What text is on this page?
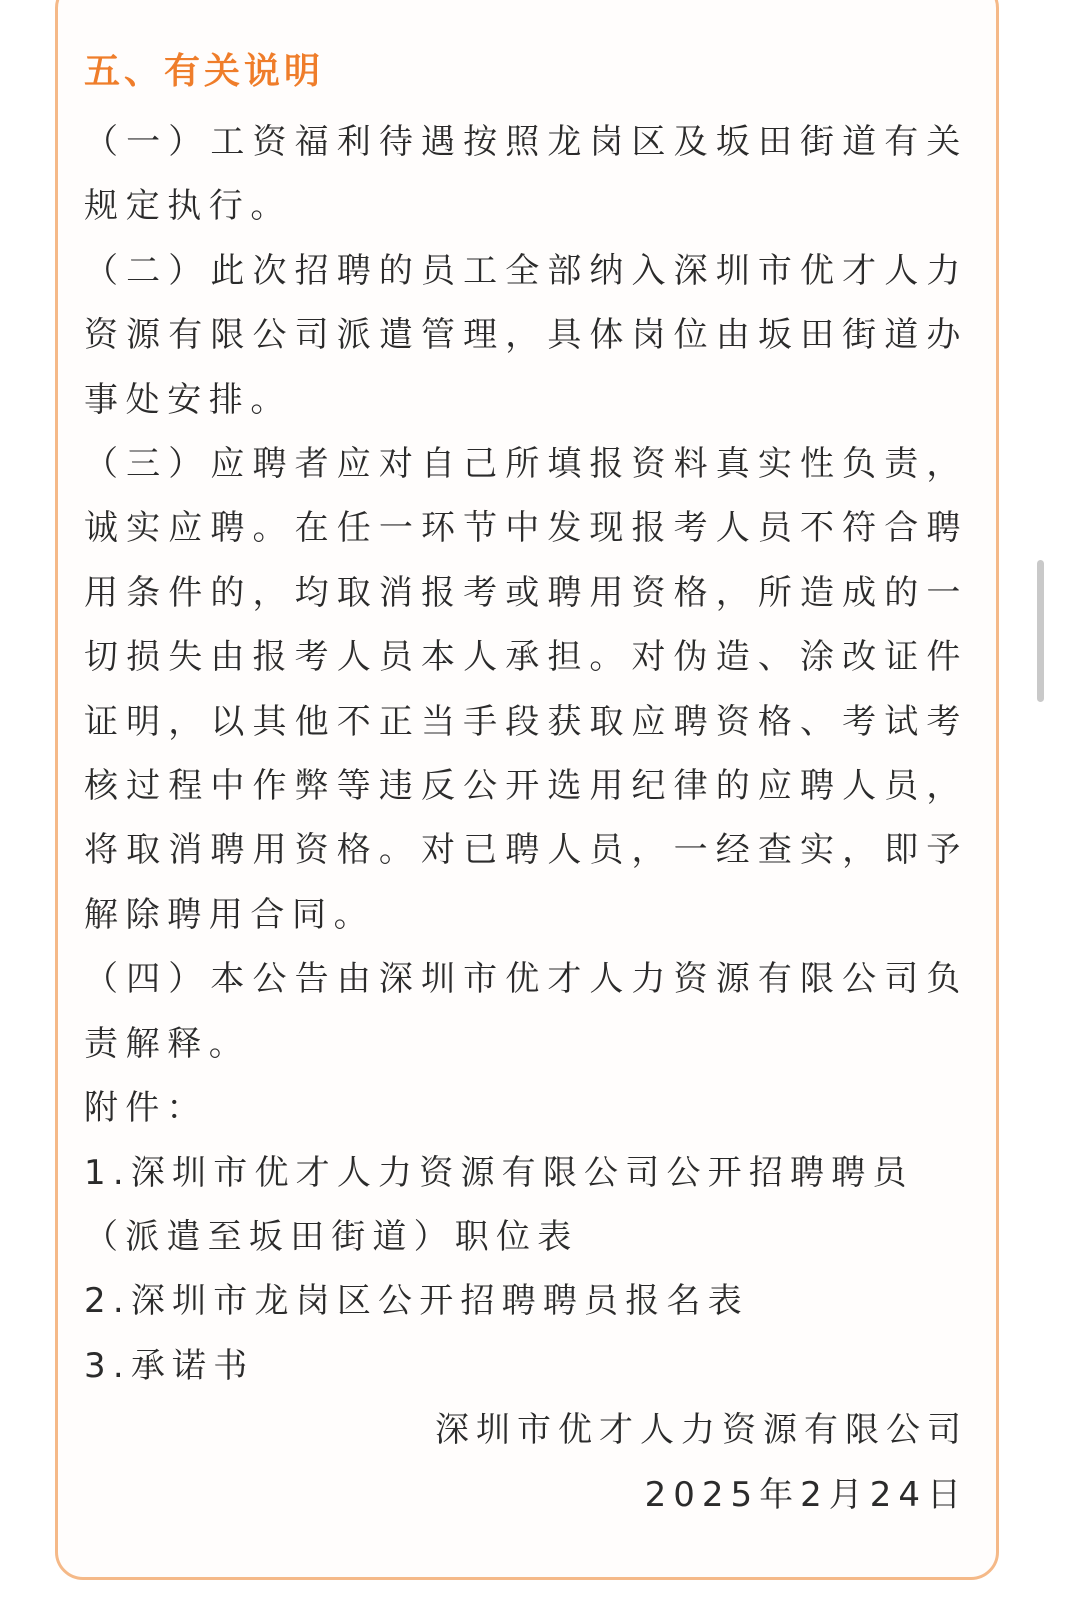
五、有关说明

（一）工资福利待遇按照龙岗区及坂田街道有关规定执行。

（二）此次招聘的员工全部纳入深圳市优才人力资源有限公司派遣管理，具体岗位由坂田街道办事处安排。

（三）应聘者应对自己所填报资料真实性负责，诚实应聘。在任一环节中发现报考人员不符合聘用条件的，均取消报考或聘用资格，所造成的一切损失由报考人员本人承担。对伪造、涂改证件证明，以其他不正当手段获取应聘资格、考试考核过程中作弊等违反公开选用纪律的应聘人员，将取消聘用资格。对已聘人员，一经查实，即予解除聘用合同。

（四）本公告由深圳市优才人力资源有限公司负责解释。

附件：

1.深圳市优才人力资源有限公司公开招聘聘员

（派遣至坂田街道）职位表

2.深圳市龙岗区公开招聘聘员报名表

3.承诺书

深圳市优才人力资源有限公司

2025年2月24日
